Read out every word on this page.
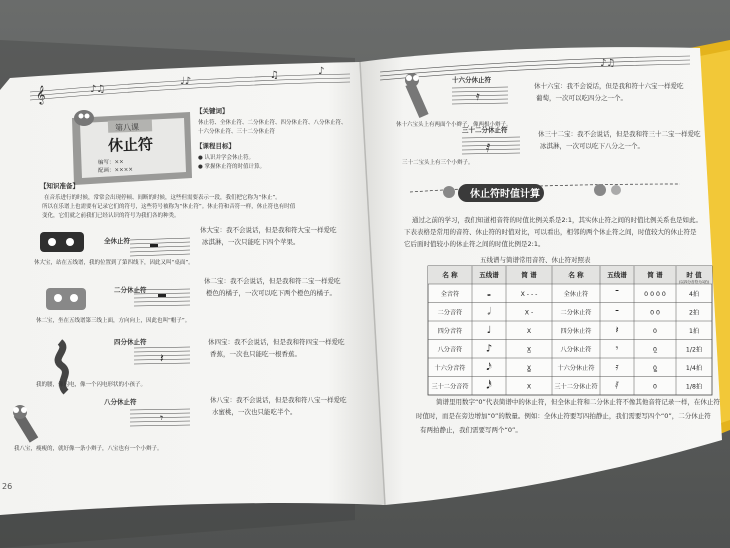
𝄞	♪♫
♩♪
♫	♪
第八课
休止符
编写：××
配画：××××
【关键词】
休止符、全休止符、二分休止符、四分休止符、八分休止符、
十六分休止符、三十二分休止符
【课程目标】
● 认识并学会休止符。
● 掌握休止符的时值计算。
【知识准备】
在音乐进行的时候，常常会出现停顿、间断的时候，这些但需要表示一段，我们把它称为“休止”。
所以在乐谱上也需要有记录它们的符号，这些符号被称为“休止符”。休止符和音符一样，休止符也有时值
变化，它们就之前我们已经认识的符号为我们各的种类。
全休止符
休大宝：我不会说话，但是我和符大宝一样爱吃
冰淇淋，一次只能吃下四个苹果。
休大宝，站在五线谱，我的位置到了第四线下，因此又叫“桌面”。
二分休止符
休二宝：我不会说话，但是我和符二宝一样爱吃
橙色的橘子，一次可以吃下两个橙色的橘子。
休二宝，坐在五线谱第三线上面，方向向上，因此也叫“帽子”。
四分休止符
𝄽
休四宝：我不会说话，但是我和符四宝一样爱吃
香蕉，一次也只能吃一根香蕉。
我的腰，像闪电，像一个闪电形状的小孩子。
八分休止符
𝄾
休八宝：我不会说话，但是我和符八宝一样爱吃
水蜜桃，一次也只能吃半个。
我八宝，瘦瘦的，就好像一条小辫子，八宝也有一个小辫子。
26
♪♫
十六分休止符
𝄿
休十六宝：我不会说话，但是我和符十六宝一样爱吃
葡萄，一次可以吃四分之一个。
休十六宝头上有两面个小辫子，像两根小辫子。
三十二分休止符
𝅀
休三十二宝：我不会说话，但是我和符三十二宝一样爱吃
冰淇淋，一次可以吃下八分之一个。
三十二宝头上有三个小辫子。
休止符时值计算
通过之前的学习，我们知道相音符的时值比例关系是2:1，其实休止符之间的时值比例关系也是如此。
下表表格是常用的音符、休止符的时值对比，可以看出，相邻的两个休止符之间，时值较大的休止符是
它后面时值较小的休止符之间的时值比例是2:1。
五线谱与简谱常用音符、休止符对照表
名 称	五线谱	简 谱	名 称	五线谱	简 谱	时 值
(以四分音符为1拍)
全音符	𝅝	X - - -	全休止符	𝄻	0 0 0 0	4拍
二分音符	𝅗𝅥	X -	二分休止符 𝄼	0 0	2拍
四分音符 ♩	X	四分休止符 𝄽	0	1拍
八分音符 ♪	X̲	八分休止符 𝄾	0̲	1/2拍
十六分音符 𝅘𝅥𝅯	X̳	十六分休止符 𝄿	0̳	1/4拍
三十二分音符 𝅘𝅥𝅰	X	三十二分休止符 𝅀	0	1/8拍
简谱里用数字“0”代表简谱中的休止符，但全休止符和二分休止符不像其他音符记录一样，在休止符
时值时，而是在旁边增加“0”的数量。例如：全休止符要写四拍静止，我们需要写四个“0”，二分休止符
有两拍静止，我们需要写两个“0”。
